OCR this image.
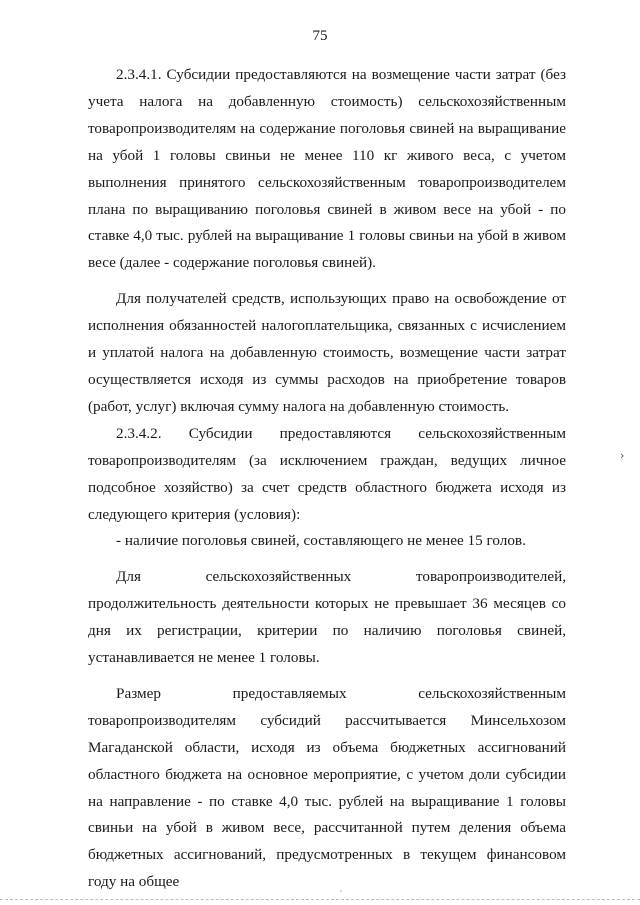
75

2.3.4.1. Субсидии предоставляются на возмещение части затрат (без учета налога на добавленную стоимость) сельскохозяйственным товаропроизводителям на содержание поголовья свиней на выращивание на убой 1 головы свиньи не менее 110 кг живого веса, с учетом выполнения принятого сельскохозяйственным товаропроизводителем плана по выращиванию поголовья свиней в живом весе на убой - по ставке 4,0 тыс. рублей на выращивание 1 головы свиньи на убой в живом весе (далее - содержание поголовья свиней).

Для получателей средств, использующих право на освобождение от исполнения обязанностей налогоплательщика, связанных с исчислением и уплатой налога на добавленную стоимость, возмещение части затрат осуществляется исходя из суммы расходов на приобретение товаров (работ, услуг) включая сумму налога на добавленную стоимость.

2.3.4.2. Субсидии предоставляются сельскохозяйственным товаропроизводителям (за исключением граждан, ведущих личное подсобное хозяйство) за счет средств областного бюджета исходя из следующего критерия (условия):

- наличие поголовья свиней, составляющего не менее 15 голов.

Для сельскохозяйственных товаропроизводителей, продолжительность деятельности которых не превышает 36 месяцев со дня их регистрации, критерии по наличию поголовья свиней, устанавливается не менее 1 головы.

Размер предоставляемых сельскохозяйственным товаропроизводителям субсидий рассчитывается Минсельхозом Магаданской области, исходя из объема бюджетных ассигнований областного бюджета на основное мероприятие, с учетом доли субсидии на направление - по ставке 4,0 тыс. рублей на выращивание 1 головы свиньи на убой в живом весе, рассчитанной путем деления объема бюджетных ассигнований, предусмотренных в текущем финансовом году на общее

›
